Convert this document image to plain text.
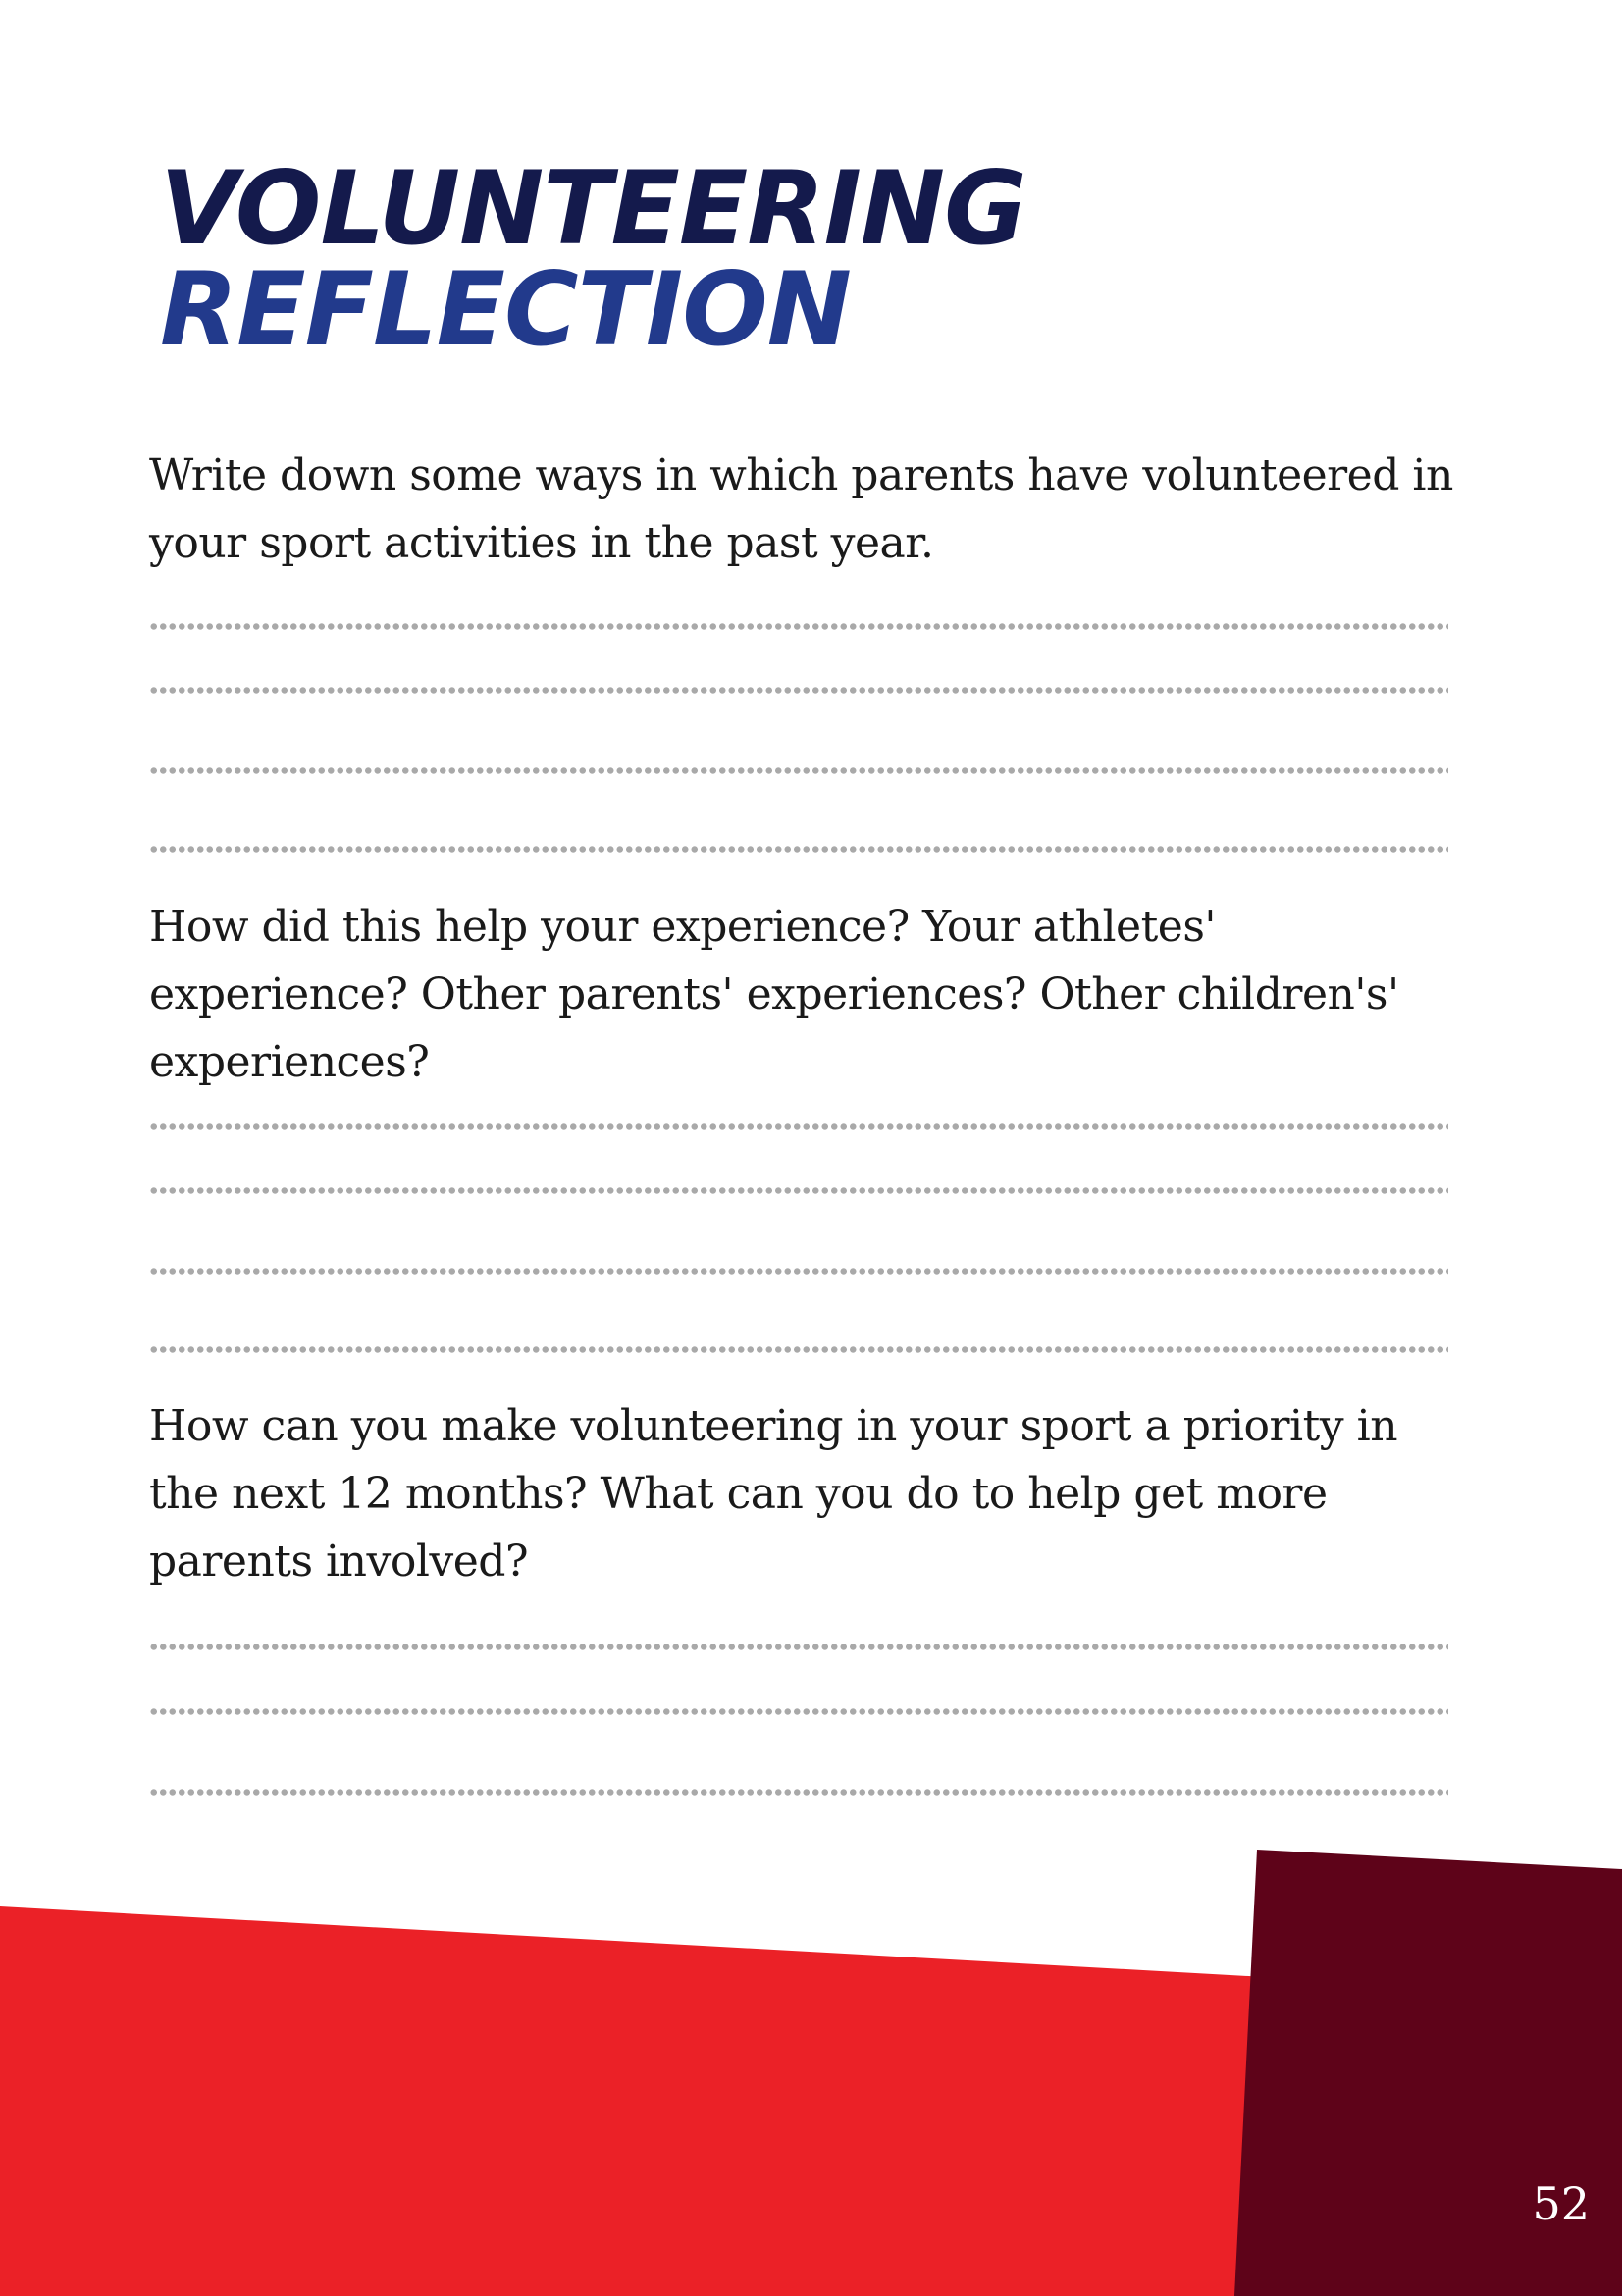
VOLUNTEERING
REFLECTION

Write down some ways in which parents have volunteered in your sport activities in the past year.

How did this help your experience? Your athletes' experience? Other parents' experiences? Other children's' experiences?

How can you make volunteering in your sport a priority in the next 12 months? What can you do to help get more parents involved?

52
